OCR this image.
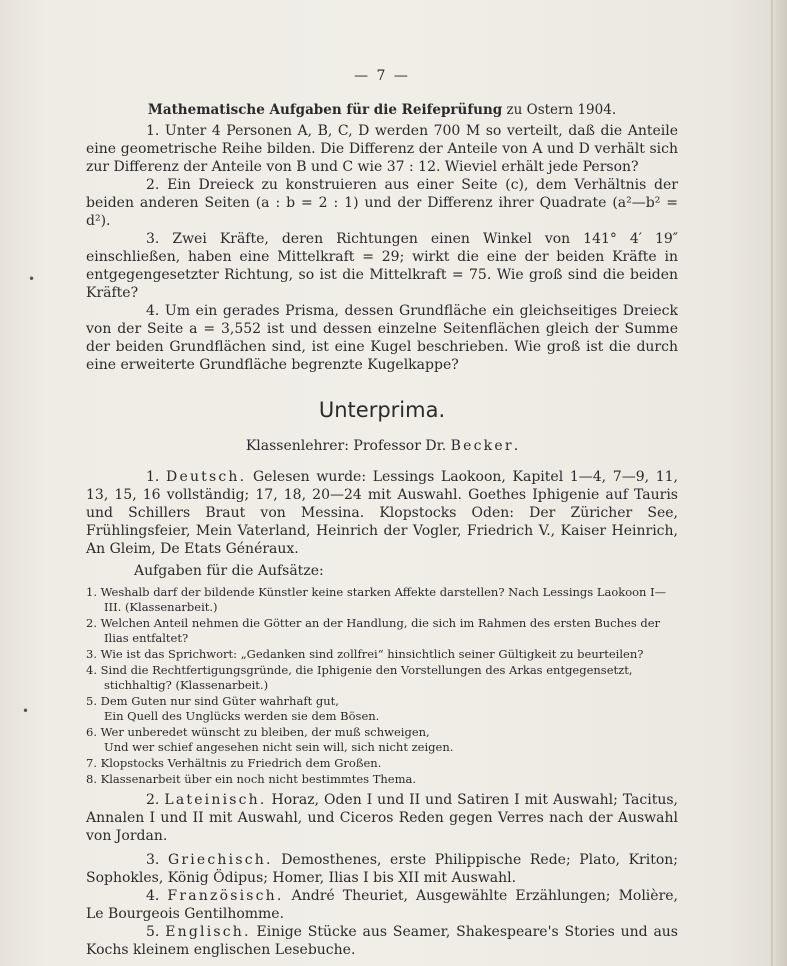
•
•
— 7 —
Mathematische Aufgaben für die Reifeprüfung zu Ostern 1904.

1. Unter 4 Personen A, B, C, D werden 700 M so verteilt, daß die Anteile eine geometrische Reihe bilden. Die Differenz der Anteile von A und D verhält sich zur Differenz der Anteile von B und C wie 37 : 12. Wieviel erhält jede Person?

2. Ein Dreieck zu konstruieren aus einer Seite (c), dem Verhältnis der beiden anderen Seiten (a : b = 2 : 1) und der Differenz ihrer Quadrate (a²—b² = d²).

3. Zwei Kräfte, deren Richtungen einen Winkel von 141° 4′ 19″ einschließen, haben eine Mittelkraft = 29; wirkt die eine der beiden Kräfte in entgegengesetzter Richtung, so ist die Mittelkraft = 75. Wie groß sind die beiden Kräfte?

4. Um ein gerades Prisma, dessen Grundfläche ein gleichseitiges Dreieck von der Seite a = 3,552 ist und dessen einzelne Seitenflächen gleich der Summe der beiden Grundflächen sind, ist eine Kugel beschrieben. Wie groß ist die durch eine erweiterte Grundfläche begrenzte Kugelkappe?

Unterprima.
Klassenlehrer: Professor Dr. Becker.

1. Deutsch. Gelesen wurde: Lessings Laokoon, Kapitel 1—4, 7—9, 11, 13, 15, 16 vollständig; 17, 18, 20—24 mit Auswahl. Goethes Iphigenie auf Tauris und Schillers Braut von Messina. Klopstocks Oden: Der Züricher See, Frühlingsfeier, Mein Vaterland, Heinrich der Vogler, Friedrich V., Kaiser Heinrich, An Gleim, De Etats Généraux.

Aufgaben für die Aufsätze:
1. Weshalb darf der bildende Künstler keine starken Affekte darstellen? Nach Lessings Laokoon I—III. (Klassenarbeit.)
2. Welchen Anteil nehmen die Götter an der Handlung, die sich im Rahmen des ersten Buches der Ilias entfaltet?
3. Wie ist das Sprichwort: „Gedanken sind zollfrei“ hinsichtlich seiner Gültigkeit zu beurteilen?
4. Sind die Rechtfertigungsgründe, die Iphigenie den Vorstellungen des Arkas entgegensetzt, stichhaltig? (Klassenarbeit.)
5. Dem Guten nur sind Güter wahrhaft gut,
Ein Quell des Unglücks werden sie dem Bösen.
6. Wer unberedet wünscht zu bleiben, der muß schweigen,
Und wer schief angesehen nicht sein will, sich nicht zeigen.
7. Klopstocks Verhältnis zu Friedrich dem Großen.
8. Klassenarbeit über ein noch nicht bestimmtes Thema.

2. Lateinisch. Horaz, Oden I und II und Satiren I mit Auswahl; Tacitus, Annalen I und II mit Auswahl, und Ciceros Reden gegen Verres nach der Auswahl von Jordan.

3. Griechisch. Demosthenes, erste Philippische Rede; Plato, Kriton; Sophokles, König Ödipus; Homer, Ilias I bis XII mit Auswahl.

4. Französisch. André Theuriet, Ausgewählte Erzählungen; Molière, Le Bourgeois Gentilhomme.

5. Englisch. Einige Stücke aus Seamer, Shakespeare's Stories und aus Kochs kleinem englischen Lesebuche.
